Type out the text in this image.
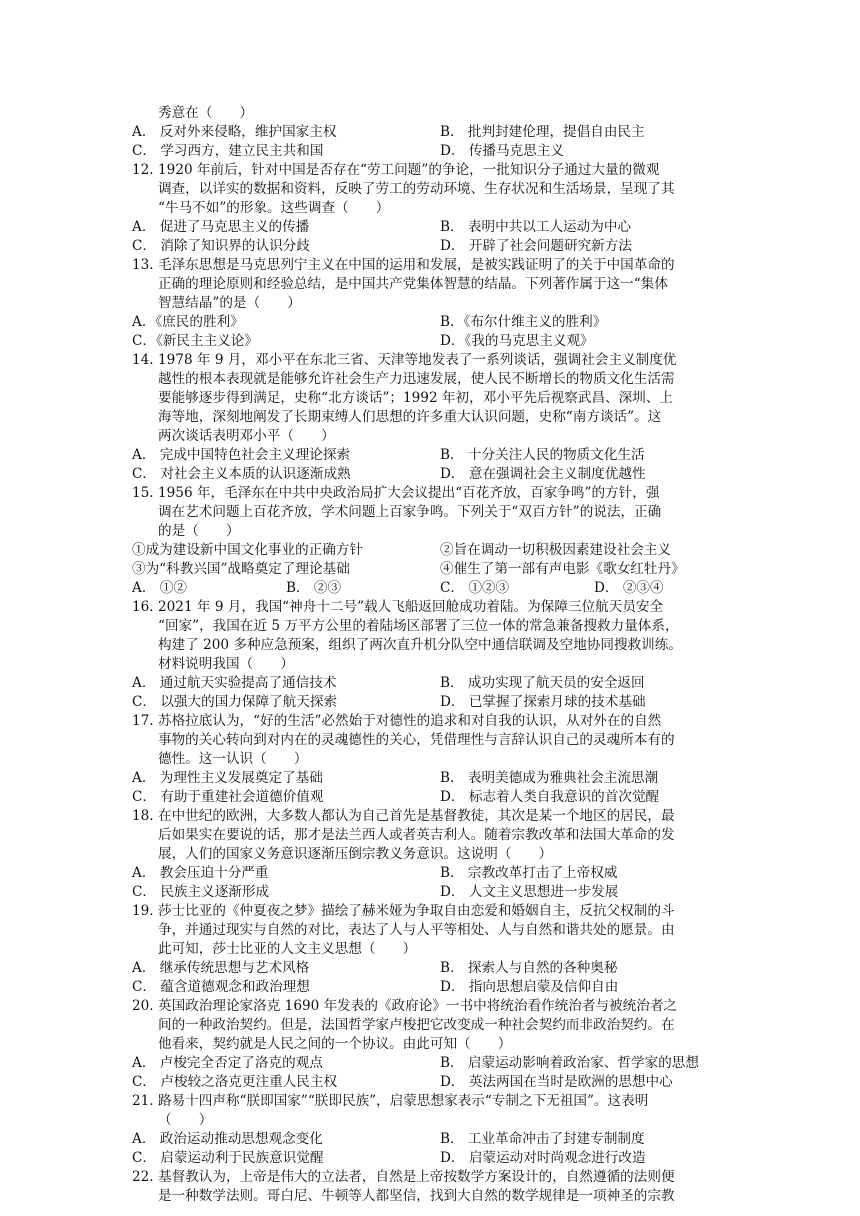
秀意在（　　）
A． 反对外来侵略，维护国家主权	B． 批判封建伦理，提倡自由民主
C． 学习西方，建立民主共和国	D． 传播马克思主义
12. 1920 年前后，针对中国是否存在“劳工问题”的争论，一批知识分子通过大量的微观
调查，以详实的数据和资料，反映了劳工的劳动环境、生存状况和生活场景，呈现了其
“牛马不如”的形象。这些调查（　　）
A． 促进了马克思主义的传播	B． 表明中共以工人运动为中心
C． 消除了知识界的认识分歧	D． 开辟了社会问题研究新方法
13. 毛泽东思想是马克思列宁主义在中国的运用和发展，是被实践证明了的关于中国革命的
正确的理论原则和经验总结，是中国共产党集体智慧的结晶。下列著作属于这一“集体
智慧结晶”的是（　　）
A．《庶民的胜利》	B．《布尔什维主义的胜利》
C．《新民主主义论》	D．《我的马克思主义观》
14. 1978 年 9 月，邓小平在东北三省、天津等地发表了一系列谈话，强调社会主义制度优
越性的根本表现就是能够允许社会生产力迅速发展，使人民不断增长的物质文化生活需
要能够逐步得到满足，史称“北方谈话”；1992 年初，邓小平先后视察武昌、深圳、上
海等地，深刻地阐发了长期束缚人们思想的许多重大认识问题，史称“南方谈话”。这
两次谈话表明邓小平（　　）
A． 完成中国特色社会主义理论探索	B． 十分关注人民的物质文化生活
C． 对社会主义本质的认识逐渐成熟	D． 意在强调社会主义制度优越性
15. 1956 年，毛泽东在中共中央政治局扩大会议提出“百花齐放，百家争鸣”的方针，强
调在艺术问题上百花齐放，学术问题上百家争鸣。下列关于“双百方针”的说法，正确
的是（　　）
①成为建设新中国文化事业的正确方针	②旨在调动一切积极因素建设社会主义
③为“科教兴国”战略奠定了理论基础	④催生了第一部有声电影《歌女红牡丹》
A． ①②	B． ②③	C． ①②③	D． ②③④
16. 2021 年 9 月，我国“神舟十二号”载人飞船返回舱成功着陆。为保障三位航天员安全
“回家”，我国在近 5 万平方公里的着陆场区部署了三位一体的常急兼备搜救力量体系，
构建了 200 多种应急预案，组织了两次直升机分队空中通信联调及空地协同搜救训练。
材料说明我国（　　）
A． 通过航天实验提高了通信技术	B． 成功实现了航天员的安全返回
C． 以强大的国力保障了航天探索	D． 已掌握了探索月球的技术基础
17. 苏格拉底认为，“好的生活”必然始于对德性的追求和对自我的认识，从对外在的自然
事物的关心转向到对内在的灵魂德性的关心，凭借理性与言辞认识自己的灵魂所本有的
德性。这一认识（　　）
A． 为理性主义发展奠定了基础	B． 表明美德成为雅典社会主流思潮
C． 有助于重建社会道德价值观	D． 标志着人类自我意识的首次觉醒
18. 在中世纪的欧洲，大多数人都认为自己首先是基督教徒，其次是某一个地区的居民，最
后如果实在要说的话，那才是法兰西人或者英吉利人。随着宗教改革和法国大革命的发
展，人们的国家义务意识逐渐压倒宗教义务意识。这说明（　　）
A． 教会压迫十分严重	B． 宗教改革打击了上帝权威
C． 民族主义逐渐形成	D． 人文主义思想进一步发展
19. 莎士比亚的《仲夏夜之梦》描绘了赫米娅为争取自由恋爱和婚姻自主，反抗父权制的斗
争，并通过现实与自然的对比，表达了人与人平等相处、人与自然和谐共处的愿景。由
此可知，莎士比亚的人文主义思想（　　）
A． 继承传统思想与艺术风格	B． 探索人与自然的各种奥秘
C． 蕴含道德观念和政治理想	D． 指向思想启蒙及信仰自由
20. 英国政治理论家洛克 1690 年发表的《政府论》一书中将统治看作统治者与被统治者之
间的一种政治契约。但是，法国哲学家卢梭把它改变成一种社会契约而非政治契约。在
他看来，契约就是人民之间的一个协议。由此可知（　　）
A． 卢梭完全否定了洛克的观点	B． 启蒙运动影响着政治家、哲学家的思想
C． 卢梭较之洛克更注重人民主权	D． 英法两国在当时是欧洲的思想中心
21. 路易十四声称“朕即国家”“朕即民族”，启蒙思想家表示“专制之下无祖国”。这表明
（　　）
A． 政治运动推动思想观念变化	B． 工业革命冲击了封建专制制度
C． 启蒙运动利于民族意识觉醒	D． 启蒙运动对时尚观念进行改造
22. 基督教认为，上帝是伟大的立法者，自然是上帝按数学方案设计的，自然遵循的法则便
是一种数学法则。哥白尼、牛顿等人都坚信，找到大自然的数学规律是一项神圣的宗教
